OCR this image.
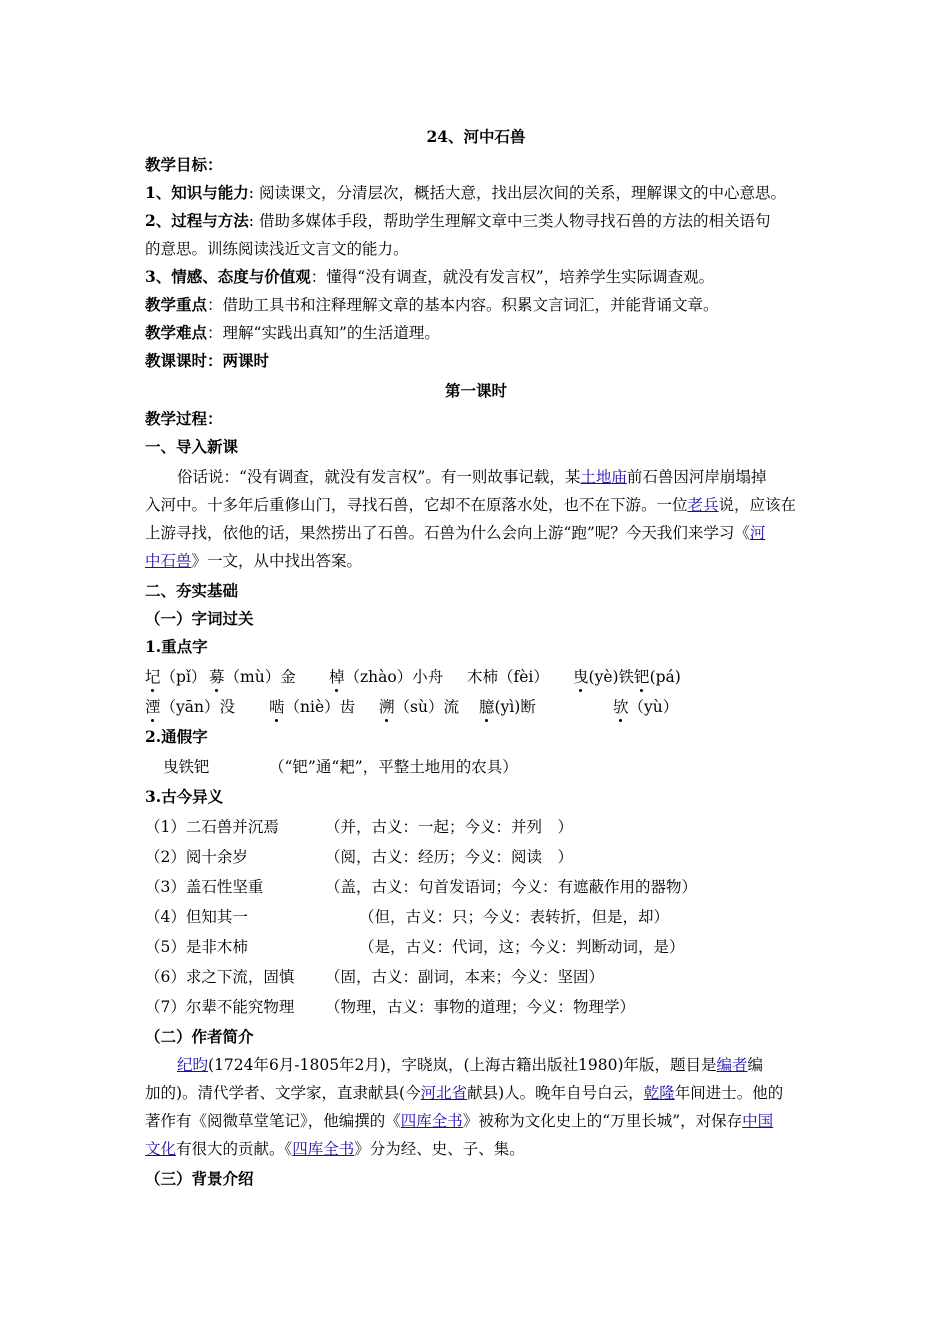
24、河中石兽
教学目标：
1、知识与能力: 阅读课文，分清层次，概括大意，找出层次间的关系，理解课文的中心意思。
2、过程与方法: 借助多媒体手段，帮助学生理解文章中三类人物寻找石兽的方法的相关语句
的意思。训练阅读浅近文言文的能力。
3、情感、态度与价值观：懂得“没有调查，就没有发言权”，培养学生实际调查观。
教学重点：借助工具书和注释理解文章的基本内容。积累文言词汇，并能背诵文章。
教学难点：理解“实践出真知”的生活道理。
教课课时：两课时
第一课时
教学过程：
一、导入新课
俗话说：“没有调查，就没有发言权”。有一则故事记载，某土地庙前石兽因河岸崩塌掉
入河中。十多年后重修山门，寻找石兽，它却不在原落水处，也不在下游。一位老兵说，应该在
上游寻找，依他的话，果然捞出了石兽。石兽为什么会向上游“跑”呢？今天我们来学习《河
中石兽》一文，从中找出答案。
二、夯实基础
（一）字词过关
1.重点字
圮（pǐ） 募（mù）金 棹（zhào）小舟 木柿（fèi） 曳(yè)铁钯(pá)
湮（yān）没 啮（niè）齿 溯（sù）流 臆(yì)断	欤（yù）
2.通假字
曳铁钯	（“钯”通“耙”，平整土地用的农具）
3.古今异义
（1）二石兽并沉焉	（并，古义：一起；今义：并列　）
（2）阅十余岁	（阅，古义：经历；今义：阅读　）
（3）盖石性坚重	（盖，古义：句首发语词；今义：有遮蔽作用的器物）
（4）但知其一	（但，古义：只；今义：表转折，但是，却）
（5）是非木柿	（是，古义：代词，这；今义：判断动词，是）
（6）求之下流，固慎 （固，古义：副词，本来；今义：坚固）
（7）尔辈不能究物理 （物理，古义：事物的道理；今义：物理学）
（二）作者简介
纪昀(1724年6月-1805年2月)，字晓岚，(上海古籍出版社1980)年版，题目是编者编
加的)。清代学者、文学家，直隶献县(今河北省献县)人。晚年自号白云，乾隆年间进士。他的
著作有《阅微草堂笔记》，他编撰的《四库全书》被称为文化史上的“万里长城”，对保存中国
文化有很大的贡献。《四库全书》分为经、史、子、集。
（三）背景介绍
